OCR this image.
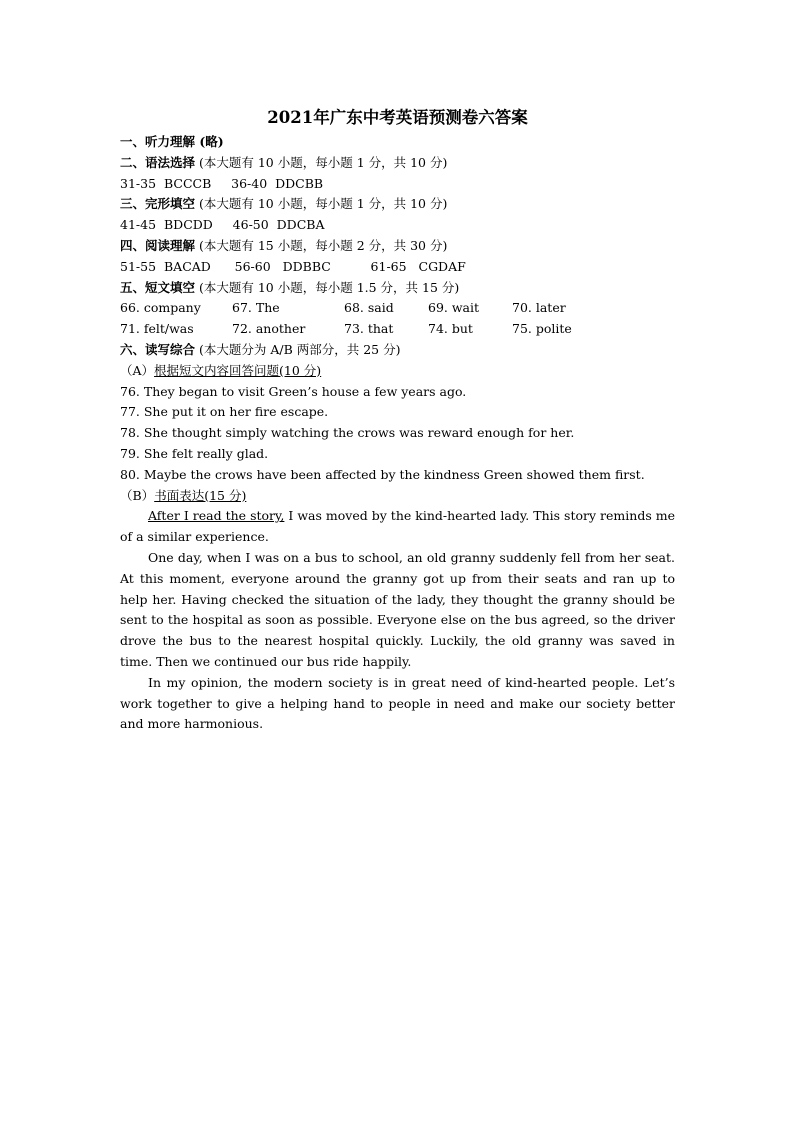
2021年广东中考英语预测卷六答案
一、听力理解 (略)
二、语法选择 (本大题有 10 小题，每小题 1 分，共 10 分)
31-35  BCCCB     36-40  DDCBB
三、完形填空 (本大题有 10 小题，每小题 1 分，共 10 分)
41-45  BDCDD     46-50  DDCBA
四、阅读理解 (本大题有 15 小题，每小题 2 分，共 30 分)
51-55  BACAD      56-60   DDBBC          61-65   CGDAF
五、短文填空 (本大题有 10 小题，每小题 1.5 分，共 15 分)
66. company	67. The	68. said	69. wait	70. later
71. felt/was	72. another	73. that	74. but	75. polite
六、读写综合 (本大题分为 A/B 两部分，共 25 分)
（A）根据短文内容回答问题(10 分)

76. They began to visit Green’s house a few years ago.

77. She put it on her fire escape.

78. She thought simply watching the crows was reward enough for her.

79. She felt really glad.

80. Maybe the crows have been affected by the kindness Green showed them first.

（B）书面表达(15 分)

After I read the story, I was moved by the kind-hearted lady. This story reminds me of a similar experience.

One day, when I was on a bus to school, an old granny suddenly fell from her seat. At this moment, everyone around the granny got up from their seats and ran up to help her. Having checked the situation of the lady, they thought the granny should be sent to the hospital as soon as possible. Everyone else on the bus agreed, so the driver drove the bus to the nearest hospital quickly. Luckily, the old granny was saved in time. Then we continued our bus ride happily.

In my opinion, the modern society is in great need of kind-hearted people. Let’s work together to give a helping hand to people in need and make our society better and more harmonious.
